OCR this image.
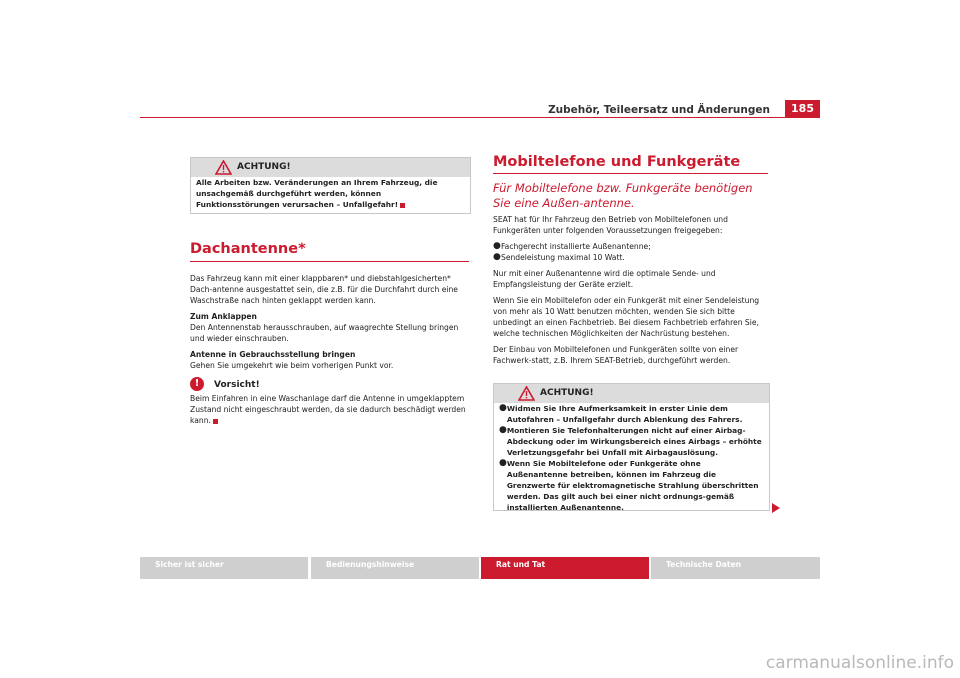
Zubehör, Teileersatz und Änderungen	185
ACHTUNG!

Alle Arbeiten bzw. Veränderungen an Ihrem Fahrzeug, die unsachgemäß durchgeführt werden, können Funktionsstörungen verursachen – Unfallgefahr!

Dachantenne*

Das Fahrzeug kann mit einer klappbaren* und diebstahlgesicherten* Dach-antenne ausgestattet sein, die z.B. für die Durchfahrt durch eine Waschstraße nach hinten geklappt werden kann.

Zum Anklappen

Den Antennenstab herausschrauben, auf waagrechte Stellung bringen und wieder einschrauben.

Antenne in Gebrauchsstellung bringen

Gehen Sie umgekehrt wie beim vorherigen Punkt vor.

!	Vorsicht!

Beim Einfahren in eine Waschanlage darf die Antenne in umgeklapptem Zustand nicht eingeschraubt werden, da sie dadurch beschädigt werden kann.

Mobiltelefone und Funkgeräte
Für Mobiltelefone bzw. Funkgeräte benötigen Sie eine Außen-antenne.

SEAT hat für Ihr Fahrzeug den Betrieb von Mobiltelefonen und Funkgeräten unter folgenden Voraussetzungen freigegeben:

● Fachgerecht installierte Außenantenne;
● Sendeleistung maximal 10 Watt.

Nur mit einer Außenantenne wird die optimale Sende- und Empfangsleistung der Geräte erzielt.

Wenn Sie ein Mobiltelefon oder ein Funkgerät mit einer Sendeleistung von mehr als 10 Watt benutzen möchten, wenden Sie sich bitte unbedingt an einen Fachbetrieb. Bei diesem Fachbetrieb erfahren Sie, welche technischen Möglichkeiten der Nachrüstung bestehen.

Der Einbau von Mobiltelefonen und Funkgeräten sollte von einer Fachwerk-statt, z.B. Ihrem SEAT-Betrieb, durchgeführt werden.

ACHTUNG!
● Widmen Sie Ihre Aufmerksamkeit in erster Linie dem Autofahren – Unfallgefahr durch Ablenkung des Fahrers.
● Montieren Sie Telefonhalterungen nicht auf einer Airbag-Abdeckung oder im Wirkungsbereich eines Airbags – erhöhte Verletzungsgefahr bei Unfall mit Airbagauslösung.
● Wenn Sie Mobiltelefone oder Funkgeräte ohne Außenantenne betreiben, können im Fahrzeug die Grenzwerte für elektromagnetische Strahlung überschritten werden. Das gilt auch bei einer nicht ordnungs-gemäß installierten Außenantenne.
Sicher ist sicher	Bedienungshinweise	Rat und Tat	Technische Daten
carmanualsonline.info
